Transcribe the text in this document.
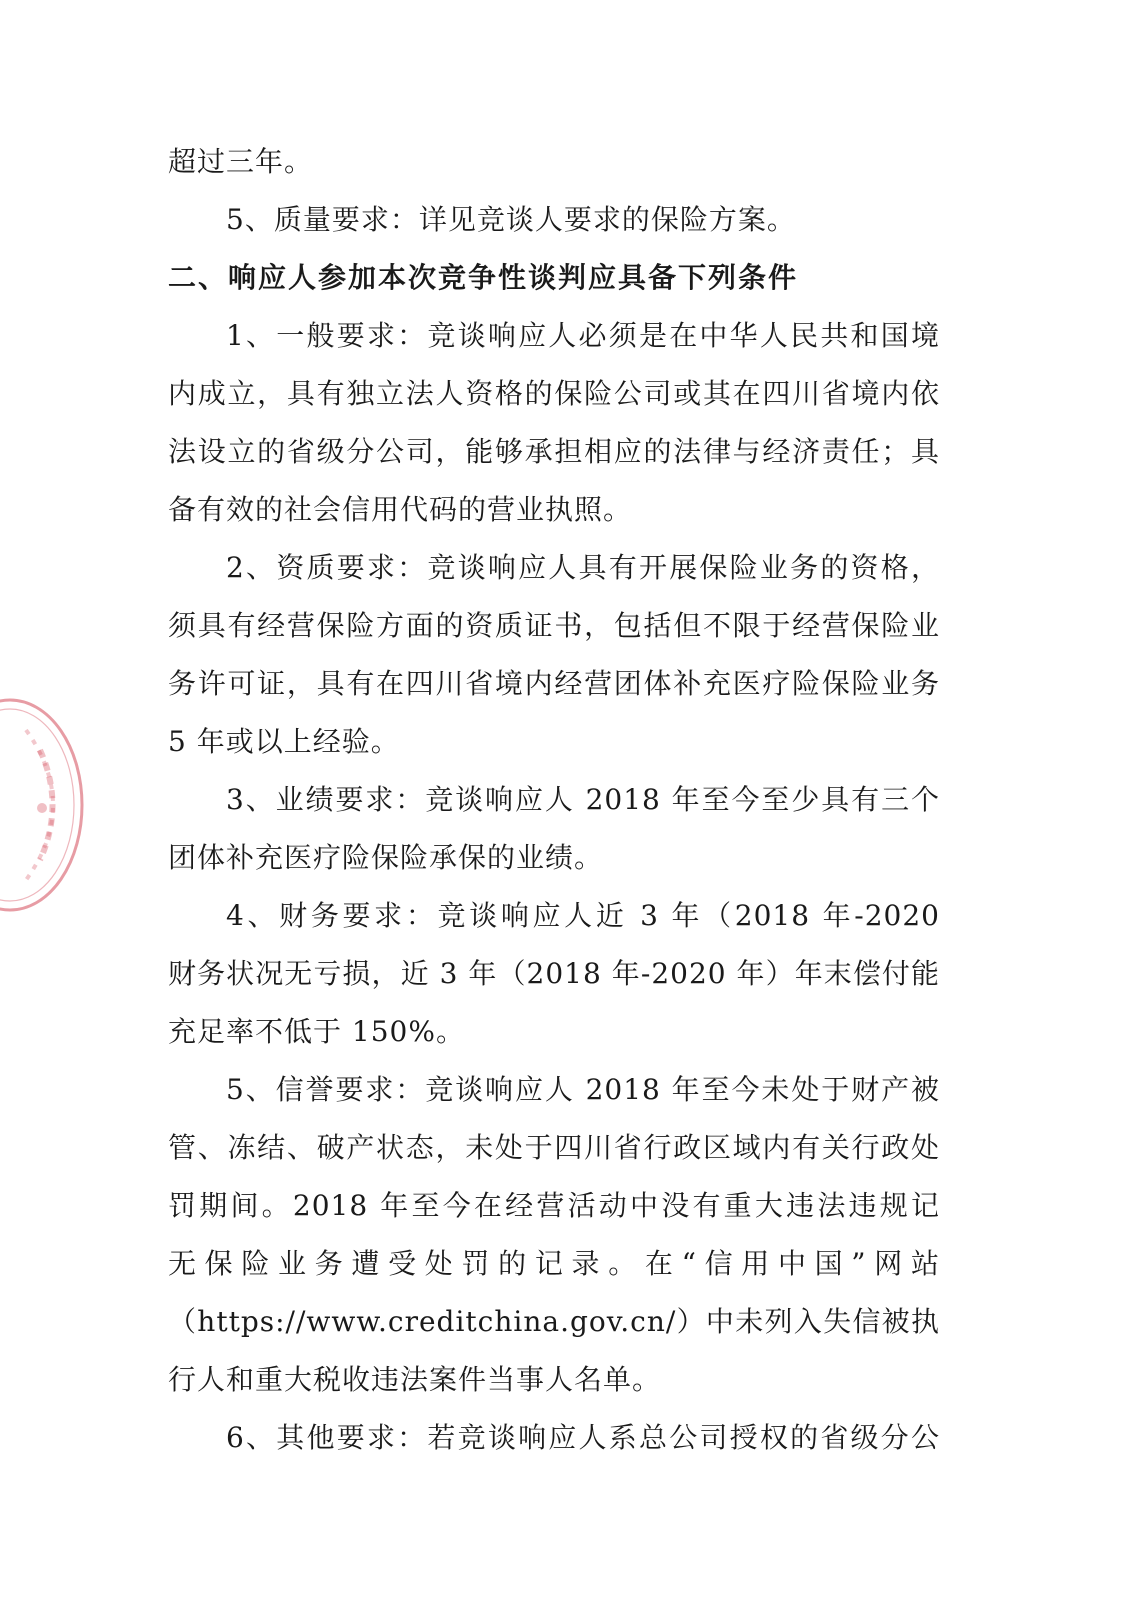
超过三年。
5、质量要求：详见竞谈人要求的保险方案。
二、响应人参加本次竞争性谈判应具备下列条件
1、一般要求：竞谈响应人必须是在中华人民共和国境
内成立，具有独立法人资格的保险公司或其在四川省境内依
法设立的省级分公司，能够承担相应的法律与经济责任；具
备有效的社会信用代码的营业执照。
2、资质要求：竞谈响应人具有开展保险业务的资格，
须具有经营保险方面的资质证书，包括但不限于经营保险业
务许可证，具有在四川省境内经营团体补充医疗险保险业务
5 年或以上经验。
3、业绩要求：竞谈响应人 2018 年至今至少具有三个
团体补充医疗险保险承保的业绩。
4、财务要求：竞谈响应人近 3 年（2018 年-2020
财务状况无亏损，近 3 年（2018 年-2020 年）年末偿付能
充足率不低于 150%。
5、信誉要求：竞谈响应人 2018 年至今未处于财产被
管、冻结、破产状态，未处于四川省行政区域内有关行政处
罚期间。2018 年至今在经营活动中没有重大违法违规记
无保险业务遭受处罚的记录。在“信用中国”网站
（https://www.creditchina.gov.cn/）中未列入失信被执
行人和重大税收违法案件当事人名单。
6、其他要求：若竞谈响应人系总公司授权的省级分公
